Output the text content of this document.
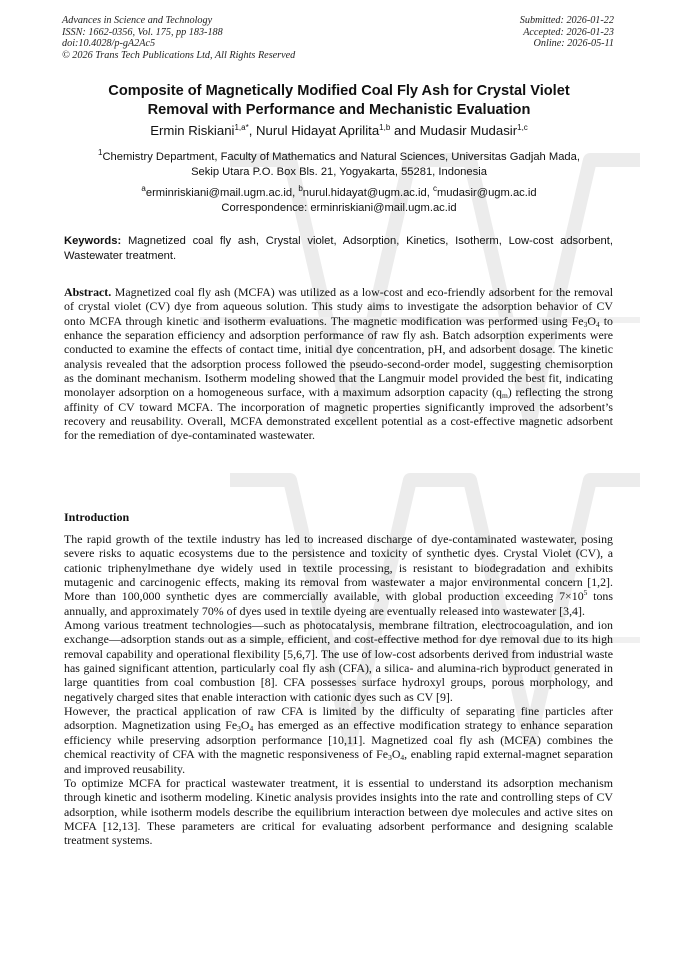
Advances in Science and Technology
ISSN: 1662-0356, Vol. 175, pp 183-188
doi:10.4028/p-gA2Ac5
© 2026 Trans Tech Publications Ltd, All Rights Reserved
Submitted: 2026-01-22
Accepted: 2026-01-23
Online: 2026-05-11
Composite of Magnetically Modified Coal Fly Ash for Crystal Violet
Removal with Performance and Mechanistic Evaluation
Ermin Riskiani$^{1,a*}$, Nurul Hidayat Aprilita$^{1,b}$ and Mudasir Mudasir$^{1,c}$
$^1$Chemistry Department, Faculty of Mathematics and Natural Sciences, Universitas Gadjah Mada,
Sekip Utara P.O. Box Bls. 21, Yogyakarta, 55281, Indonesia
$^a$erminriskiani@mail.ugm.ac.id, $^b$nurul.hidayat@ugm.ac.id, $^c$mudasir@ugm.ac.id
Correspondence: erminriskiani@mail.ugm.ac.id
Keywords: Magnetized coal fly ash, Crystal violet, Adsorption, Kinetics, Isotherm, Low-cost adsorbent, Wastewater treatment.
Abstract. Magnetized coal fly ash (MCFA) was utilized as a low-cost and eco-friendly adsorbent for the removal of crystal violet (CV) dye from aqueous solution. This study aims to investigate the adsorption behavior of CV onto MCFA through kinetic and isotherm evaluations. The magnetic modification was performed using $Fe_3O_4$ to enhance the separation efficiency and adsorption performance of raw fly ash. Batch adsorption experiments were conducted to examine the effects of contact time, initial dye concentration, pH, and adsorbent dosage. The kinetic analysis revealed that the adsorption process followed the pseudo-second-order model, suggesting chemisorption as the dominant mechanism. Isotherm modeling showed that the Langmuir model provided the best fit, indicating monolayer adsorption on a homogeneous surface, with a maximum adsorption capacity $(q_m)$ reflecting the strong affinity of CV toward MCFA. The incorporation of magnetic properties significantly improved the adsorbent’s recovery and reusability. Overall, MCFA demonstrated excellent potential as a cost-effective magnetic adsorbent for the remediation of dye-contaminated wastewater.
Introduction

The rapid growth of the textile industry has led to increased discharge of dye-contaminated wastewater, posing severe risks to aquatic ecosystems due to the persistence and toxicity of synthetic dyes. Crystal Violet (CV), a cationic triphenylmethane dye widely used in textile processing, is resistant to biodegradation and exhibits mutagenic and carcinogenic effects, making its removal from wastewater a major environmental concern [1,2]. More than 100,000 synthetic dyes are commercially available, with global production exceeding $7\times 10^5$ tons annually, and approximately 70% of dyes used in textile dyeing are eventually released into wastewater [3,4].

Among various treatment technologies—such as photocatalysis, membrane filtration, electrocoagulation, and ion exchange—adsorption stands out as a simple, efficient, and cost-effective method for dye removal due to its high removal capability and operational flexibility [5,6,7]. The use of low-cost adsorbents derived from industrial waste has gained significant attention, particularly coal fly ash (CFA), a silica- and alumina-rich byproduct generated in large quantities from coal combustion [8]. CFA possesses surface hydroxyl groups, porous morphology, and negatively charged sites that enable interaction with cationic dyes such as CV [9].

However, the practical application of raw CFA is limited by the difficulty of separating fine particles after adsorption. Magnetization using $Fe_3O_4$ has emerged as an effective modification strategy to enhance separation efficiency while preserving adsorption performance [10,11]. Magnetized coal fly ash (MCFA) combines the chemical reactivity of CFA with the magnetic responsiveness of $Fe_3O_4$, enabling rapid external-magnet separation and improved reusability.

To optimize MCFA for practical wastewater treatment, it is essential to understand its adsorption mechanism through kinetic and isotherm modeling. Kinetic analysis provides insights into the rate and controlling steps of CV adsorption, while isotherm models describe the equilibrium interaction between dye molecules and active sites on MCFA [12,13]. These parameters are critical for evaluating adsorbent performance and designing scalable treatment systems.
